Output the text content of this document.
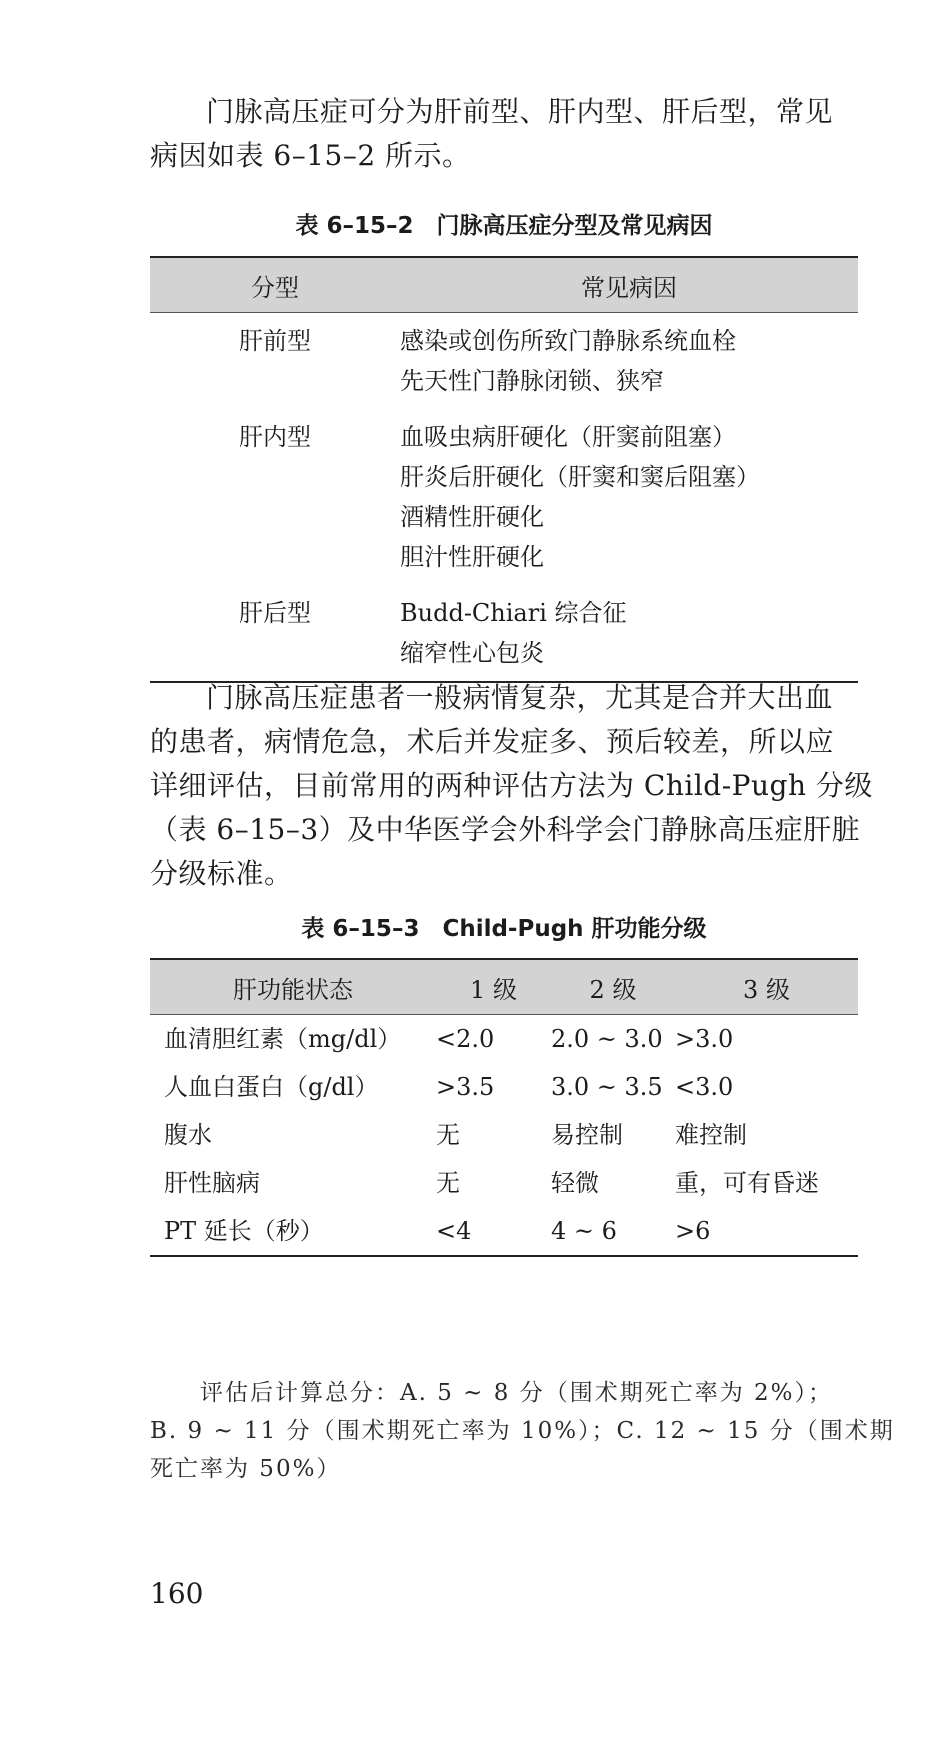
门脉高压症可分为肝前型、肝内型、肝后型，常见
病因如表 6–15–2 所示。

表 6–15–2　门脉高压症分型及常见病因

分型	常见病因

肝前型	感染或创伤所致门静脉系统血栓
先天性门静脉闭锁、狭窄

肝内型	血吸虫病肝硬化（肝窦前阻塞）
肝炎后肝硬化（肝窦和窦后阻塞）
酒精性肝硬化
胆汁性肝硬化

肝后型	Budd-Chiari 综合征
缩窄性心包炎

门脉高压症患者一般病情复杂，尤其是合并大出血
的患者，病情危急，术后并发症多、预后较差，所以应
详细评估，目前常用的两种评估方法为 Child-Pugh 分级
（表 6–15–3）及中华医学会外科学会门静脉高压症肝脏
分级标准。

表 6–15–3　Child-Pugh 肝功能分级

肝功能状态	1 级	2 级	3 级
血清胆红素（mg/dl）	<2.0	2.0 ~ 3.0	>3.0
人血白蛋白（g/dl）	>3.5	3.0 ~ 3.5	<3.0
腹水	无	易控制	难控制
肝性脑病	无	轻微	重，可有昏迷
PT 延长（秒）	<4	4 ~ 6	>6

评估后计算总分：A. 5 ~ 8 分（围术期死亡率为 2%）；
B. 9 ~ 11 分（围术期死亡率为 10%）；C. 12 ~ 15 分（围术期
死亡率为 50%）

160
